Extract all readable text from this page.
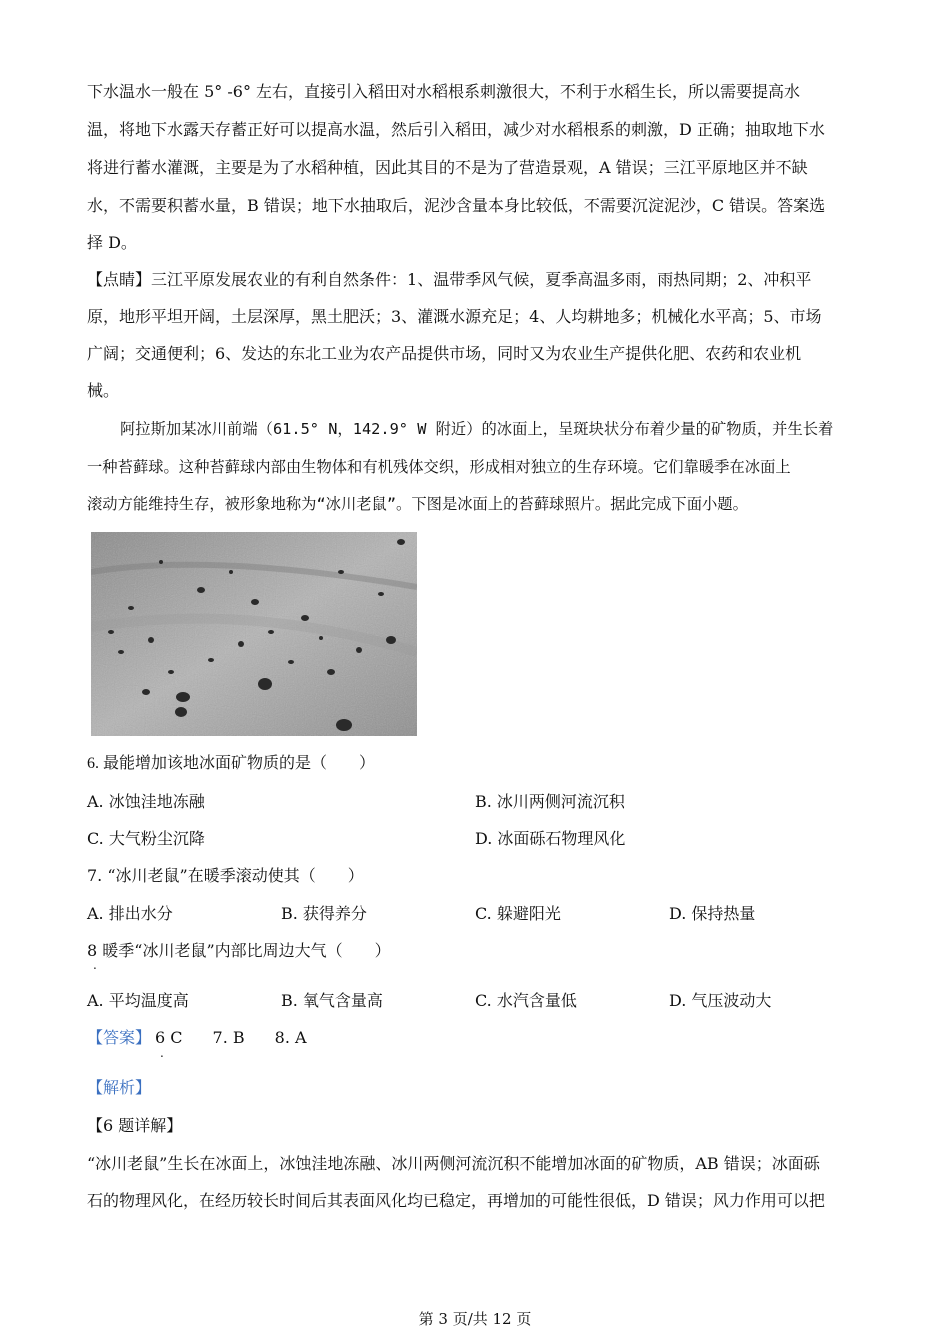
下水温水一般在 5° -6° 左右，直接引入稻田对水稻根系刺激很大，不利于水稻生长，所以需要提高水
温，将地下水露天存蓄正好可以提高水温，然后引入稻田，减少对水稻根系的刺激，D 正确；抽取地下水
将进行蓄水灌溉，主要是为了水稻种植，因此其目的不是为了营造景观，A 错误；三江平原地区并不缺
水，不需要积蓄水量，B 错误；地下水抽取后，泥沙含量本身比较低，不需要沉淀泥沙，C 错误。答案选
择 D。
【点睛】三江平原发展农业的有利自然条件：1、温带季风气候，夏季高温多雨，雨热同期；2、冲积平
原，地形平坦开阔，土层深厚，黑土肥沃；3、灌溉水源充足；4、人均耕地多；机械化水平高；5、市场
广阔；交通便利；6、发达的东北工业为农产品提供市场，同时又为农业生产提供化肥、农药和农业机
械。
阿拉斯加某冰川前端（61.5° N，142.9° W 附近）的冰面上，呈斑块状分布着少量的矿物质，并生长着
一种苔藓球。这种苔藓球内部由生物体和有机残体交织，形成相对独立的生存环境。它们靠暖季在冰面上
滚动方能维持生存，被形象地称为“冰川老鼠”。下图是冰面上的苔藓球照片。据此完成下面小题。
6. 最能增加该地冰面矿物质的是（　　）
A. 冰蚀洼地冻融	B. 冰川两侧河流沉积
C. 大气粉尘沉降	D. 冰面砾石物理风化
7. “冰川老鼠”在暖季滚动使其（　　）
A. 排出水分	B. 获得养分	C. 躲避阳光	D. 保持热量
8 暖季“冰川老鼠”内部比周边大气（　　）
.
A. 平均温度高	B. 氧气含量高	C. 水汽含量低	D. 气压波动大
【答案】 6 C 7. B 8. A
.
【解析】
【6 题详解】
“冰川老鼠”生长在冰面上，冰蚀洼地冻融、冰川两侧河流沉积不能增加冰面的矿物质，AB 错误；冰面砾
石的物理风化，在经历较长时间后其表面风化均已稳定，再增加的可能性很低，D 错误；风力作用可以把
第 3 页/共 12 页
